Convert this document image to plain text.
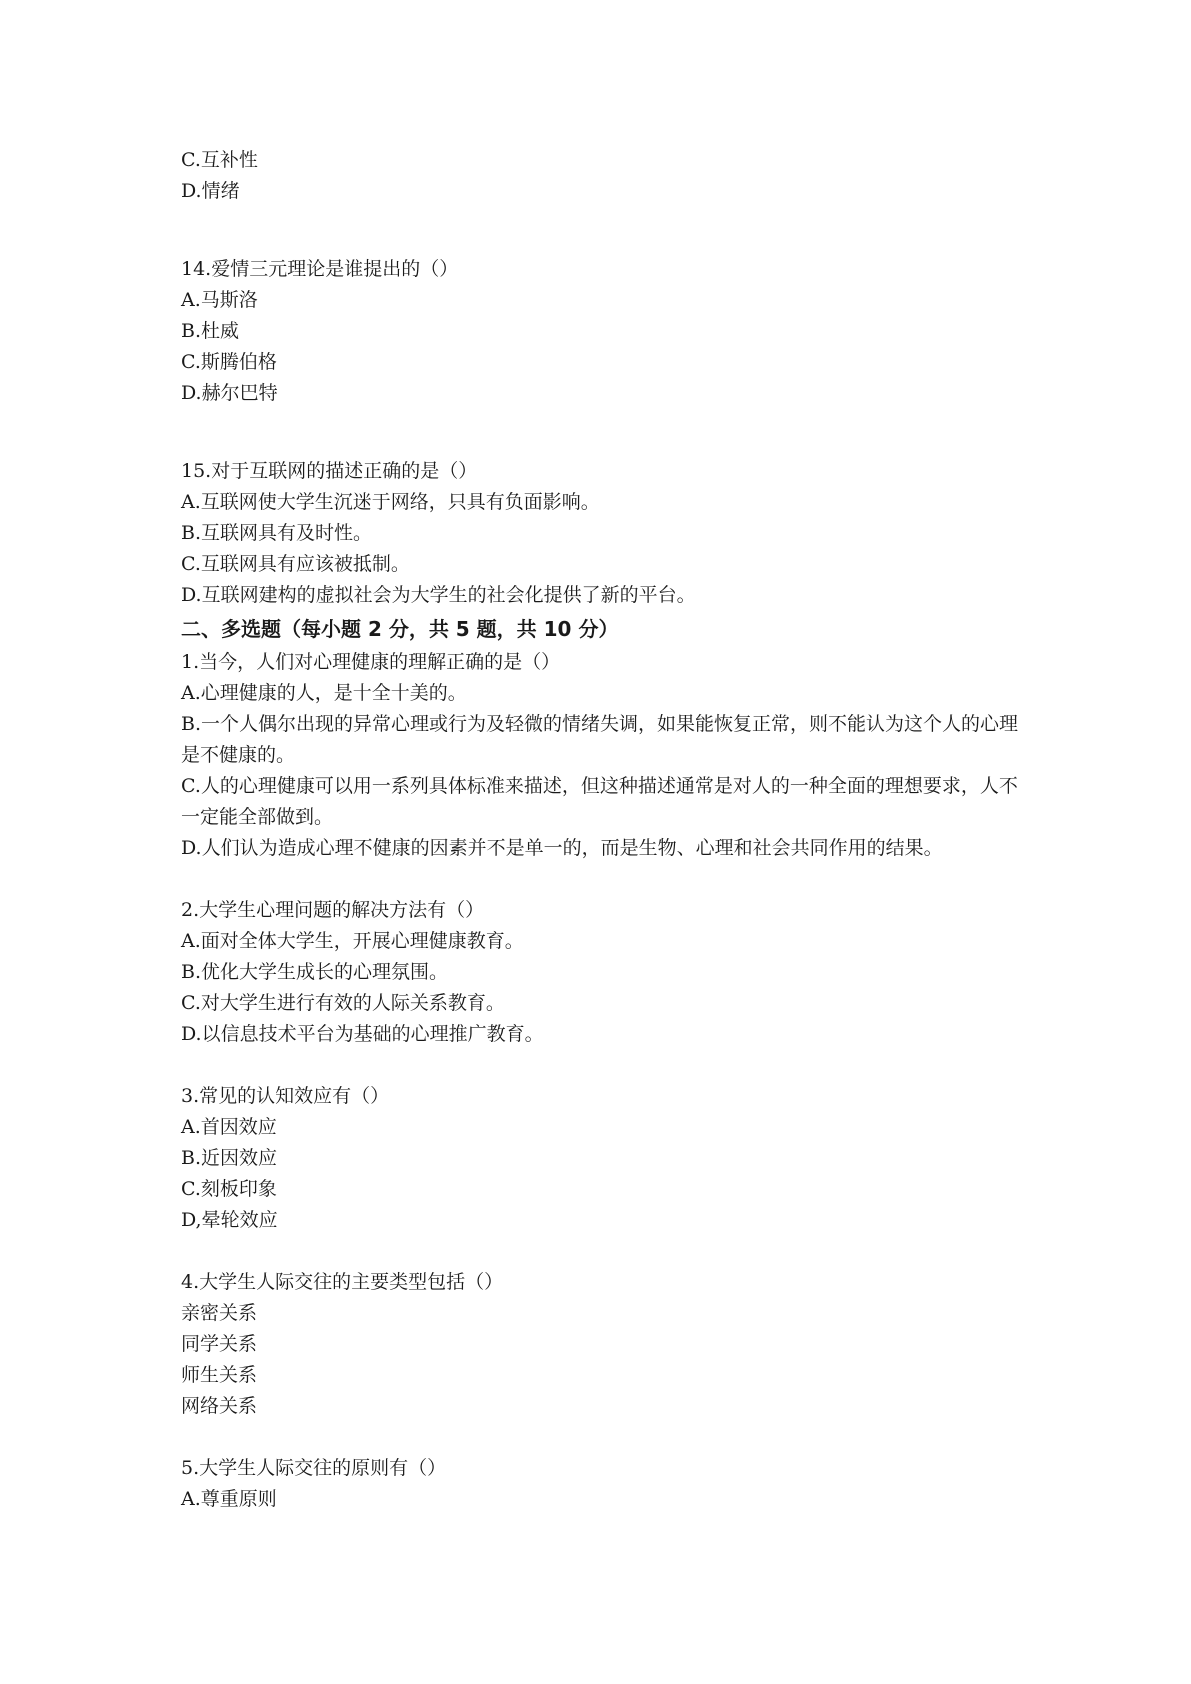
C.互补性
D.情绪
14.爱情三元理论是谁提出的（）
A.马斯洛
B.杜威
C.斯腾伯格
D.赫尔巴特
15.对于互联网的描述正确的是（）
A.互联网使大学生沉迷于网络，只具有负面影响。
B.互联网具有及时性。
C.互联网具有应该被抵制。
D.互联网建构的虚拟社会为大学生的社会化提供了新的平台。
二、多选题（每小题 2 分，共 5 题，共 10 分）
1.当今，人们对心理健康的理解正确的是（）
A.心理健康的人，是十全十美的。
B.一个人偶尔出现的异常心理或行为及轻微的情绪失调，如果能恢复正常，则不能认为这个人的心理是不健康的。
C.人的心理健康可以用一系列具体标准来描述，但这种描述通常是对人的一种全面的理想要求，人不一定能全部做到。
D.人们认为造成心理不健康的因素并不是单一的，而是生物、心理和社会共同作用的结果。
2.大学生心理问题的解决方法有（）
A.面对全体大学生，开展心理健康教育。
B.优化大学生成长的心理氛围。
C.对大学生进行有效的人际关系教育。
D.以信息技术平台为基础的心理推广教育。
3.常见的认知效应有（）
A.首因效应
B.近因效应
C.刻板印象
D,晕轮效应
4.大学生人际交往的主要类型包括（）
亲密关系
同学关系
师生关系
网络关系
5.大学生人际交往的原则有（）
A.尊重原则
